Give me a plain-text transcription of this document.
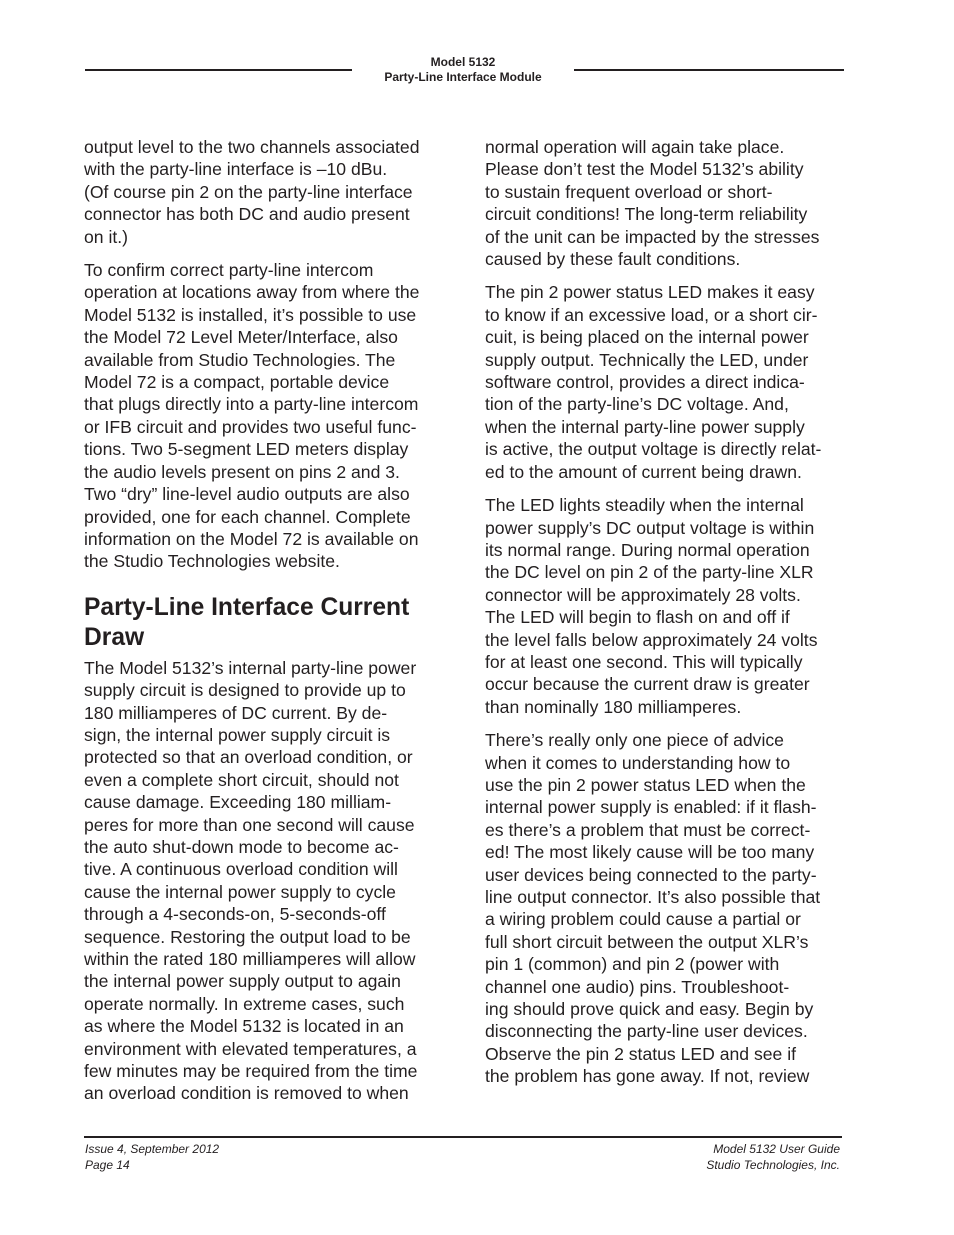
Model 5132
Party-Line Interface Module

output level to the two channels associated
with the party-line interface is –10 dBu.
(Of course pin 2 on the party-line interface
connector has both DC and audio present
on it.)

To confirm correct party-line intercom
operation at locations away from where the
Model 5132 is installed, it’s possible to use
the Model 72 Level Meter/Interface, also
available from Studio Technologies. The
Model 72 is a compact, portable device
that plugs directly into a party-line intercom
or IFB circuit and provides two useful func-
tions. Two 5-segment LED meters display
the audio levels present on pins 2 and 3.
Two “dry” line-level audio outputs are also
provided, one for each channel. Complete
information on the Model 72 is available on
the Studio Technologies website.

Party-Line Interface Current
Draw

The Model 5132’s internal party-line power
supply circuit is designed to provide up to
180 milliamperes of DC current. By de-
sign, the internal power supply circuit is
protected so that an overload condition, or
even a complete short circuit, should not
cause damage. Exceeding 180 milliam-
peres for more than one second will cause
the auto shut-down mode to become ac-
tive. A continuous overload condition will
cause the internal power supply to cycle
through a 4-seconds-on, 5-seconds-off
sequence. Restoring the output load to be
within the rated 180 milliamperes will allow
the internal power supply output to again
operate normally. In extreme cases, such
as where the Model 5132 is located in an
environment with elevated temperatures, a
few minutes may be required from the time
an overload condition is removed to when

normal operation will again take place.
Please don’t test the Model 5132’s ability
to sustain frequent overload or short-
circuit conditions! The long-term reliability
of the unit can be impacted by the stresses
caused by these fault conditions.

The pin 2 power status LED makes it easy
to know if an excessive load, or a short cir-
cuit, is being placed on the internal power
supply output. Technically the LED, under
software control, provides a direct indica-
tion of the party-line’s DC voltage. And,
when the internal party-line power supply
is active, the output voltage is directly relat-
ed to the amount of current being drawn.

The LED lights steadily when the internal
power supply’s DC output voltage is within
its normal range. During normal operation
the DC level on pin 2 of the party-line XLR
connector will be approximately 28 volts.
The LED will begin to flash on and off if
the level falls below approximately 24 volts
for at least one second. This will typically
occur because the current draw is greater
than nominally 180 milliamperes.

There’s really only one piece of advice
when it comes to understanding how to
use the pin 2 power status LED when the
internal power supply is enabled: if it flash-
es there’s a problem that must be correct-
ed! The most likely cause will be too many
user devices being connected to the party-
line output connector. It’s also possible that
a wiring problem could cause a partial or
full short circuit between the output XLR’s
pin 1 (common) and pin 2 (power with
channel one audio) pins. Troubleshoot-
ing should prove quick and easy. Begin by
disconnecting the party-line user devices.
Observe the pin 2 status LED and see if
the problem has gone away. If not, review

Issue 4, September 2012
Page 14
Model 5132 User Guide
Studio Technologies, Inc.
